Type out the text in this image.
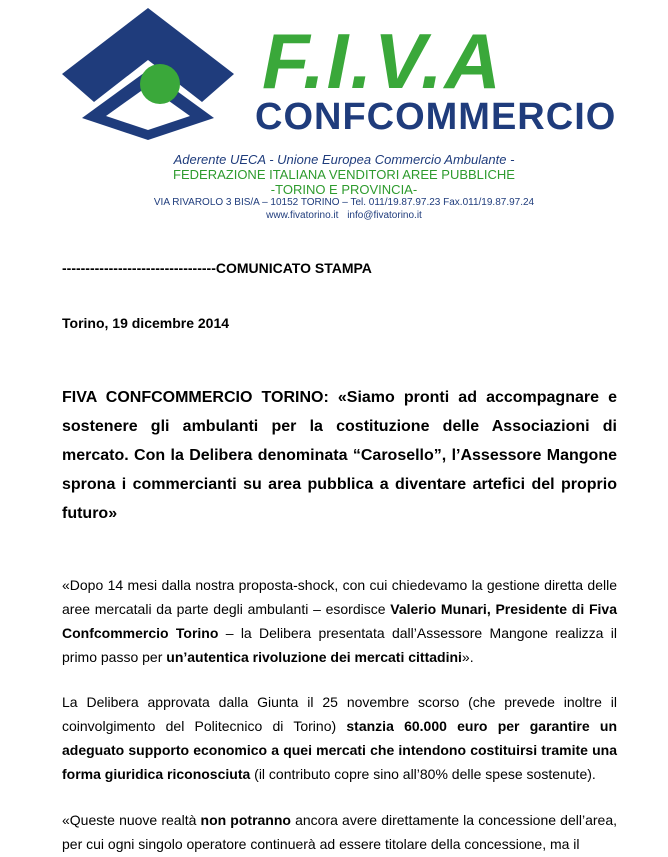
F.I.V.A
CONFCOMMERCIO
Aderente UECA - Unione Europea Commercio Ambulante -
FEDERAZIONE ITALIANA VENDITORI AREE PUBBLICHE
-TORINO E PROVINCIA-
VIA RIVAROLO 3 BIS/A – 10152 TORINO – Tel. 011/19.87.97.23 Fax.011/19.87.97.24
www.fivatorino.it info@fivatorino.it
---------------------------------COMUNICATO STAMPA
Torino, 19 dicembre 2014

FIVA CONFCOMMERCIO TORINO: «Siamo pronti ad accompagnare e sostenere gli ambulanti per la costituzione delle Associazioni di mercato. Con la Delibera denominata “Carosello”, l’Assessore Mangone sprona i commercianti su area pubblica a diventare artefici del proprio futuro»

«Dopo 14 mesi dalla nostra proposta-shock, con cui chiedevamo la gestione diretta delle aree mercatali da parte degli ambulanti – esordisce Valerio Munari, Presidente di Fiva Confcommercio Torino – la Delibera presentata dall’Assessore Mangone realizza il primo passo per un’autentica rivoluzione dei mercati cittadini».

La Delibera approvata dalla Giunta il 25 novembre scorso (che prevede inoltre il coinvolgimento del Politecnico di Torino) stanzia 60.000 euro per garantire un adeguato supporto economico a quei mercati che intendono costituirsi tramite una forma giuridica riconosciuta (il contributo copre sino all’80% delle spese sostenute).

«Queste nuove realtà non potranno ancora avere direttamente la concessione dell’area, per cui ogni singolo operatore continuerà ad essere titolare della concessione, ma il
